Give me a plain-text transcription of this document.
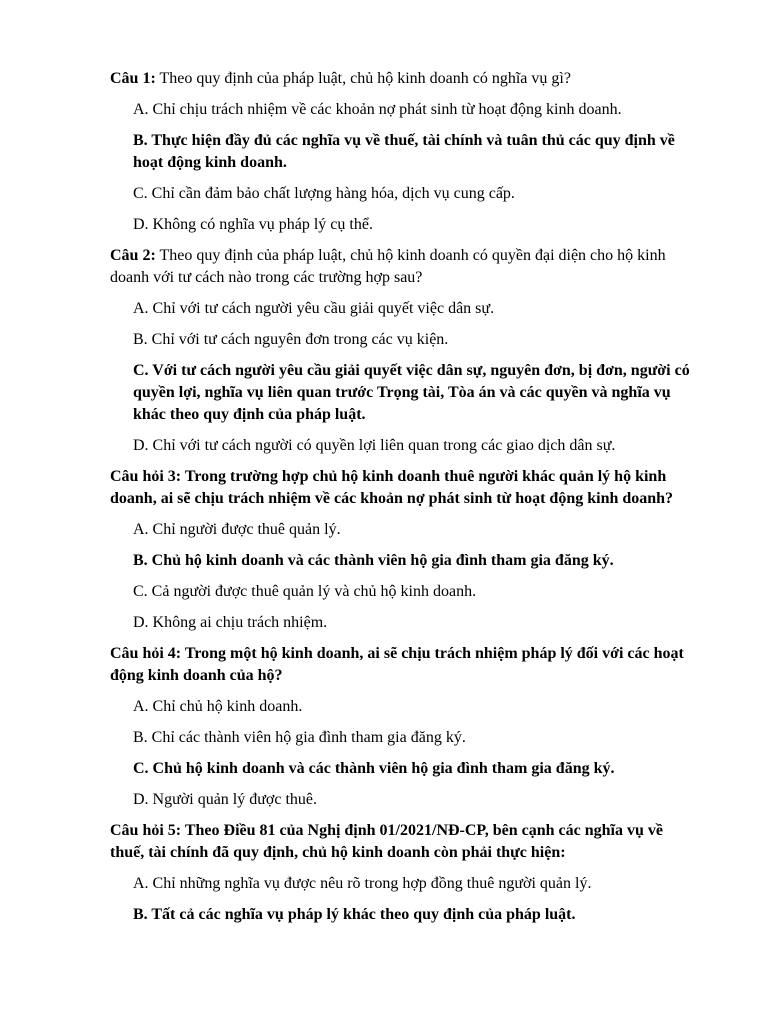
Câu 1: Theo quy định của pháp luật, chủ hộ kinh doanh có nghĩa vụ gì?
A. Chỉ chịu trách nhiệm về các khoản nợ phát sinh từ hoạt động kinh doanh.
B. Thực hiện đầy đủ các nghĩa vụ về thuế, tài chính và tuân thủ các quy định về hoạt động kinh doanh.
C. Chỉ cần đảm bảo chất lượng hàng hóa, dịch vụ cung cấp.
D. Không có nghĩa vụ pháp lý cụ thể.
Câu 2: Theo quy định của pháp luật, chủ hộ kinh doanh có quyền đại diện cho hộ kinh doanh với tư cách nào trong các trường hợp sau?
A. Chỉ với tư cách người yêu cầu giải quyết việc dân sự.
B. Chỉ với tư cách nguyên đơn trong các vụ kiện.
C. Với tư cách người yêu cầu giải quyết việc dân sự, nguyên đơn, bị đơn, người có quyền lợi, nghĩa vụ liên quan trước Trọng tài, Tòa án và các quyền và nghĩa vụ khác theo quy định của pháp luật.
D. Chỉ với tư cách người có quyền lợi liên quan trong các giao dịch dân sự.
Câu hỏi 3: Trong trường hợp chủ hộ kinh doanh thuê người khác quản lý hộ kinh doanh, ai sẽ chịu trách nhiệm về các khoản nợ phát sinh từ hoạt động kinh doanh?
A. Chỉ người được thuê quản lý.
B. Chủ hộ kinh doanh và các thành viên hộ gia đình tham gia đăng ký.
C. Cả người được thuê quản lý và chủ hộ kinh doanh.
D. Không ai chịu trách nhiệm.
Câu hỏi 4: Trong một hộ kinh doanh, ai sẽ chịu trách nhiệm pháp lý đối với các hoạt động kinh doanh của hộ?
A. Chỉ chủ hộ kinh doanh.
B. Chỉ các thành viên hộ gia đình tham gia đăng ký.
C. Chủ hộ kinh doanh và các thành viên hộ gia đình tham gia đăng ký.
D. Người quản lý được thuê.
Câu hỏi 5: Theo Điều 81 của Nghị định 01/2021/NĐ-CP, bên cạnh các nghĩa vụ về thuế, tài chính đã quy định, chủ hộ kinh doanh còn phải thực hiện:
A. Chỉ những nghĩa vụ được nêu rõ trong hợp đồng thuê người quản lý.
B. Tất cả các nghĩa vụ pháp lý khác theo quy định của pháp luật.
